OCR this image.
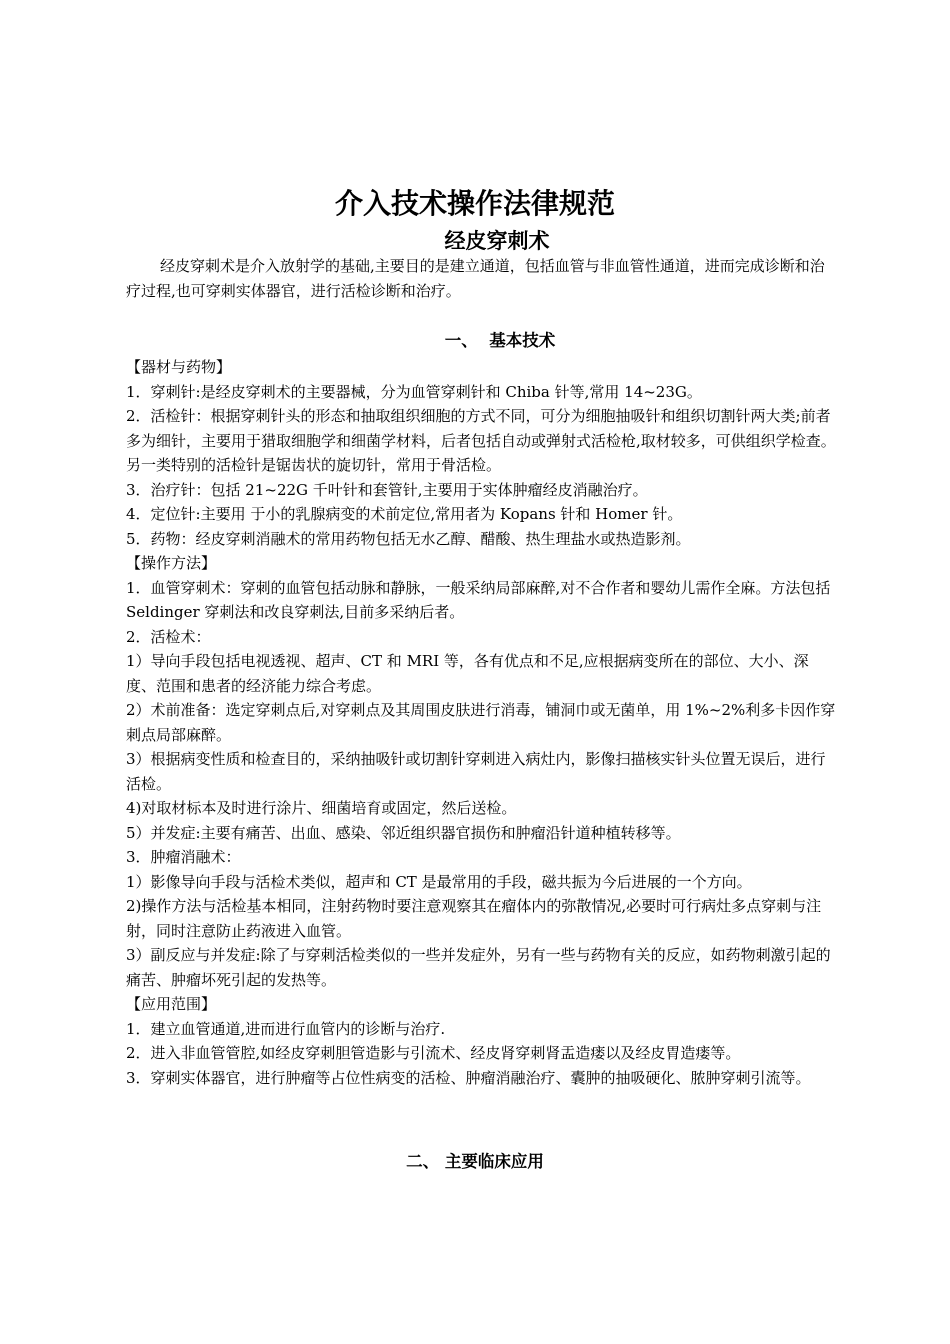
介入技术操作法律规范
经皮穿刺术

经皮穿刺术是介入放射学的基础,主要目的是建立通道，包括血管与非血管性通道，进而完成诊断和治疗过程,也可穿刺实体器官，进行活检诊断和治疗。

一、  基本技术

【器材与药物】

1．穿刺针:是经皮穿刺术的主要器械，分为血管穿刺针和 Chiba 针等,常用 14~23G。

2．活检针：根据穿刺针头的形态和抽取组织细胞的方式不同，可分为细胞抽吸针和组织切割针两大类;前者多为细针，主要用于猎取细胞学和细菌学材料，后者包括自动或弹射式活检枪,取材较多，可供组织学检查。另一类特别的活检针是锯齿状的旋切针，常用于骨活检。

3．治疗针：包括 21~22G 千叶针和套管针,主要用于实体肿瘤经皮消融治疗。

4．定位针:主要用 于小的乳腺病变的术前定位,常用者为 Kopans 针和 Homer 针。

5．药物：经皮穿刺消融术的常用药物包括无水乙醇、醋酸、热生理盐水或热造影剂。

【操作方法】

1．血管穿刺术：穿刺的血管包括动脉和静脉，一般采纳局部麻醉,对不合作者和婴幼儿需作全麻。方法包括 Seldinger 穿刺法和改良穿刺法,目前多采纳后者。

2．活检术：

1）导向手段包括电视透视、超声、CT 和 MRI 等，各有优点和不足,应根据病变所在的部位、大小、深度、范围和患者的经济能力综合考虑。

2）术前准备：选定穿刺点后,对穿刺点及其周围皮肤进行消毒，铺洞巾或无菌单，用 1%~2%利多卡因作穿刺点局部麻醉。

3）根据病变性质和检查目的，采纳抽吸针或切割针穿刺进入病灶内，影像扫描核实针头位置无误后，进行活检。

4)对取材标本及时进行涂片、细菌培育或固定，然后送检。

5）并发症:主要有痛苦、出血、感染、邻近组织器官损伤和肿瘤沿针道种植转移等。

3．肿瘤消融术：

1）影像导向手段与活检术类似，超声和 CT 是最常用的手段，磁共振为今后进展的一个方向。

2)操作方法与活检基本相同，注射药物时要注意观察其在瘤体内的弥散情况,必要时可行病灶多点穿刺与注射，同时注意防止药液进入血管。

3）副反应与并发症:除了与穿刺活检类似的一些并发症外，另有一些与药物有关的反应，如药物刺激引起的痛苦、肿瘤坏死引起的发热等。

【应用范围】

1．建立血管通道,进而进行血管内的诊断与治疗.

2．进入非血管管腔,如经皮穿刺胆管造影与引流术、经皮肾穿刺肾盂造瘘以及经皮胃造瘘等。

3．穿刺实体器官，进行肿瘤等占位性病变的活检、肿瘤消融治疗、囊肿的抽吸硬化、脓肿穿刺引流等。

二、 主要临床应用
